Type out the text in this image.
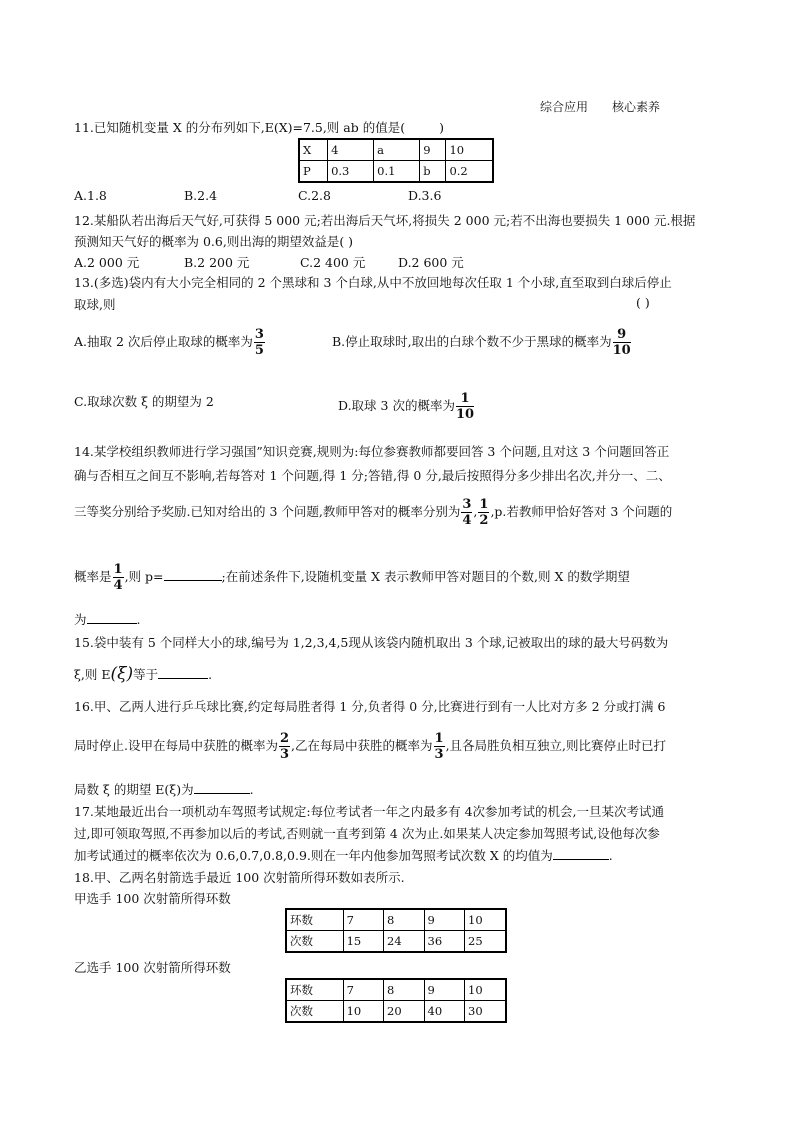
综合应用 核心素养
11.已知随机变量 X 的分布列如下,E(X)=7.5,则 ab 的值是(	)
X	4	a	9	10
P	0.3	0.1	b	0.2
A.1.8	B.2.4	C.2.8	D.3.6
12.某船队若出海后天气好,可获得 5 000 元;若出海后天气坏,将损失 2 000 元;若不出海也要损失 1 000 元.根据
预测知天气好的概率为 0.6,则出海的期望效益是( )
A.2 000 元	B.2 200 元	C.2 400 元	D.2 600 元
13.(多选)袋内有大小完全相同的 2 个黑球和 3 个白球,从中不放回地每次任取 1 个小球,直至取到白球后停止
取球,则	( )
A.抽取 2 次后停止取球的概率为 $\frac{3}{5}$	B.停止取球时,取出的白球个数不少于黑球的概率为 $\frac{9}{10}$
C.取球次数 ξ 的期望为 2	D.取球 3 次的概率为 $\frac{1}{10}$
14.某学校组织教师进行学习强国”知识竞赛,规则为:每位参赛教师都要回答 3 个问题,且对这 3 个问题回答正
确与否相互之间互不影响,若每答对 1 个问题,得 1 分;答错,得 0 分,最后按照得分多少排出名次,并分一、二、
三等奖分别给予奖励.已知对给出的 3 个问题,教师甲答对的概率分别为 $\frac{3}{4}$ , $\frac{1}{2} ,p$.若教师甲恰好答对 3 个问题的
概率是 $\frac{1}{4}$ ,则 p=	;在前述条件下,设随机变量 X 表示教师甲答对题目的个数,则 X 的数学期望
为	.
15.袋中装有 5 个同样大小的球,编号为 1,2,3,4,5现从该袋内随机取出 3 个球,记被取出的球的最大号码数为
ξ,则 E(ξ)等于	.
16.甲、乙两人进行乒乓球比赛,约定每局胜者得 1 分,负者得 0 分,比赛进行到有一人比对方多 2 分或打满 6
局时停止.设甲在每局中获胜的概率为 $\frac{2}{3}$ ,乙在每局中获胜的概率为 $\frac{1}{3}$ ,且各局胜负相互独立,则比赛停止时已打
局数 ξ 的期望 E(ξ)为	.
17.某地最近出台一项机动车驾照考试规定:每位考试者一年之内最多有 4次参加考试的机会,一旦某次考试通
过,即可领取驾照,不再参加以后的考试,否则就一直考到第 4 次为止.如果某人决定参加驾照考试,设他每次参
加考试通过的概率依次为 0.6,0.7,0.8,0.9.则在一年内他参加驾照考试次数 X 的均值为	.
18.甲、乙两名射箭选手最近 100 次射箭所得环数如表所示.
甲选手 100 次射箭所得环数
环数	7	8	9	10
次数	15	24	36	25
乙选手 100 次射箭所得环数
环数	7	8	9	10
次数	10	20	40	30
